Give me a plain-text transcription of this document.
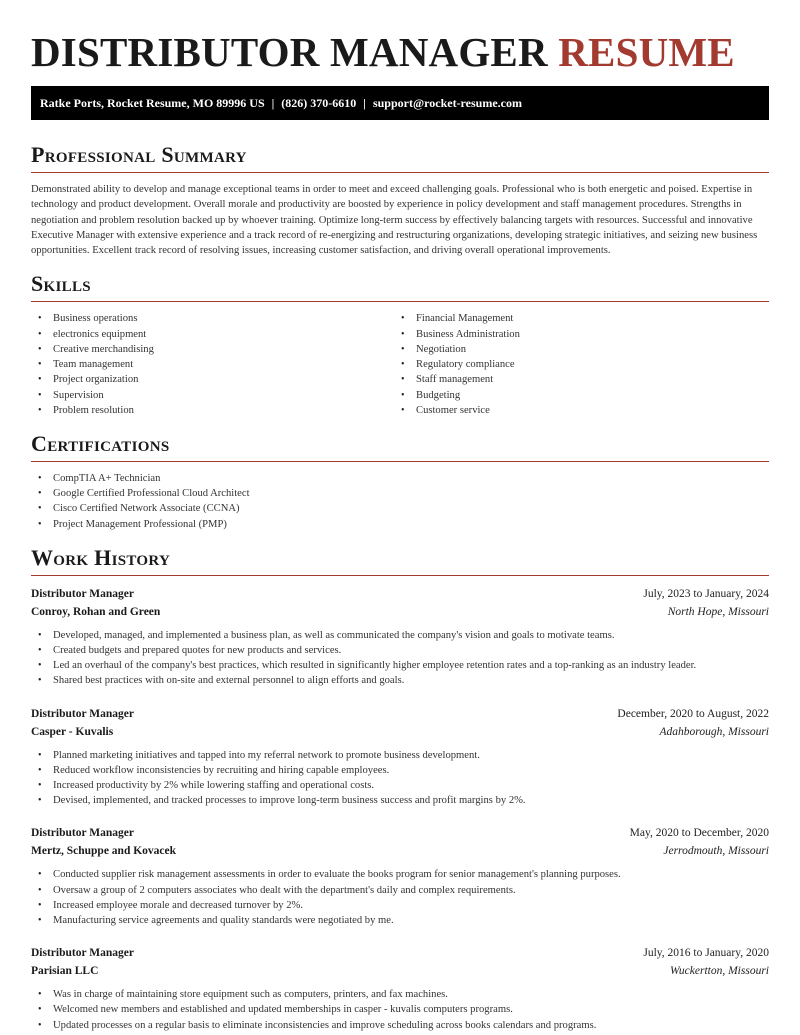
DISTRIBUTOR MANAGER RESUME
Ratke Ports, Rocket Resume, MO 89996 US | (826) 370-6610 | support@rocket-resume.com
Professional Summary

Demonstrated ability to develop and manage exceptional teams in order to meet and exceed challenging goals. Professional who is both energetic and poised. Expertise in technology and product development. Overall morale and productivity are boosted by experience in policy development and staff management procedures. Strengths in negotiation and problem resolution backed up by whoever training. Optimize long-term success by effectively balancing targets with resources. Successful and innovative Executive Manager with extensive experience and a track record of re-energizing and restructuring organizations, developing strategic initiatives, and seizing new business opportunities. Excellent track record of resolving issues, increasing customer satisfaction, and driving overall operational improvements.

Skills
• Business operations
• electronics equipment
• Creative merchandising
• Team management
• Project organization
• Supervision
• Problem resolution
• Financial Management
• Business Administration
• Negotiation
• Regulatory compliance
• Staff management
• Budgeting
• Customer service
Certifications
• CompTIA A+ Technician
• Google Certified Professional Cloud Architect
• Cisco Certified Network Associate (CCNA)
• Project Management Professional (PMP)
Work History
Distributor Manager	July, 2023 to January, 2024
Conroy, Rohan and Green	North Hope, Missouri
• Developed, managed, and implemented a business plan, as well as communicated the company's vision and goals to motivate teams.
• Created budgets and prepared quotes for new products and services.
• Led an overhaul of the company's best practices, which resulted in significantly higher employee retention rates and a top-ranking as an industry leader.
• Shared best practices with on-site and external personnel to align efforts and goals.
Distributor Manager	December, 2020 to August, 2022
Casper - Kuvalis	Adahborough, Missouri
• Planned marketing initiatives and tapped into my referral network to promote business development.
• Reduced workflow inconsistencies by recruiting and hiring capable employees.
• Increased productivity by 2% while lowering staffing and operational costs.
• Devised, implemented, and tracked processes to improve long-term business success and profit margins by 2%.
Distributor Manager	May, 2020 to December, 2020
Mertz, Schuppe and Kovacek	Jerrodmouth, Missouri
• Conducted supplier risk management assessments in order to evaluate the books program for senior management's planning purposes.
• Oversaw a group of 2 computers associates who dealt with the department's daily and complex requirements.
• Increased employee morale and decreased turnover by 2%.
• Manufacturing service agreements and quality standards were negotiated by me.
Distributor Manager	July, 2016 to January, 2020
Parisian LLC	Wuckertton, Missouri
• Was in charge of maintaining store equipment such as computers, printers, and fax machines.
• Welcomed new members and established and updated memberships in casper - kuvalis computers programs.
• Updated processes on a regular basis to eliminate inconsistencies and improve scheduling across books calendars and programs.
